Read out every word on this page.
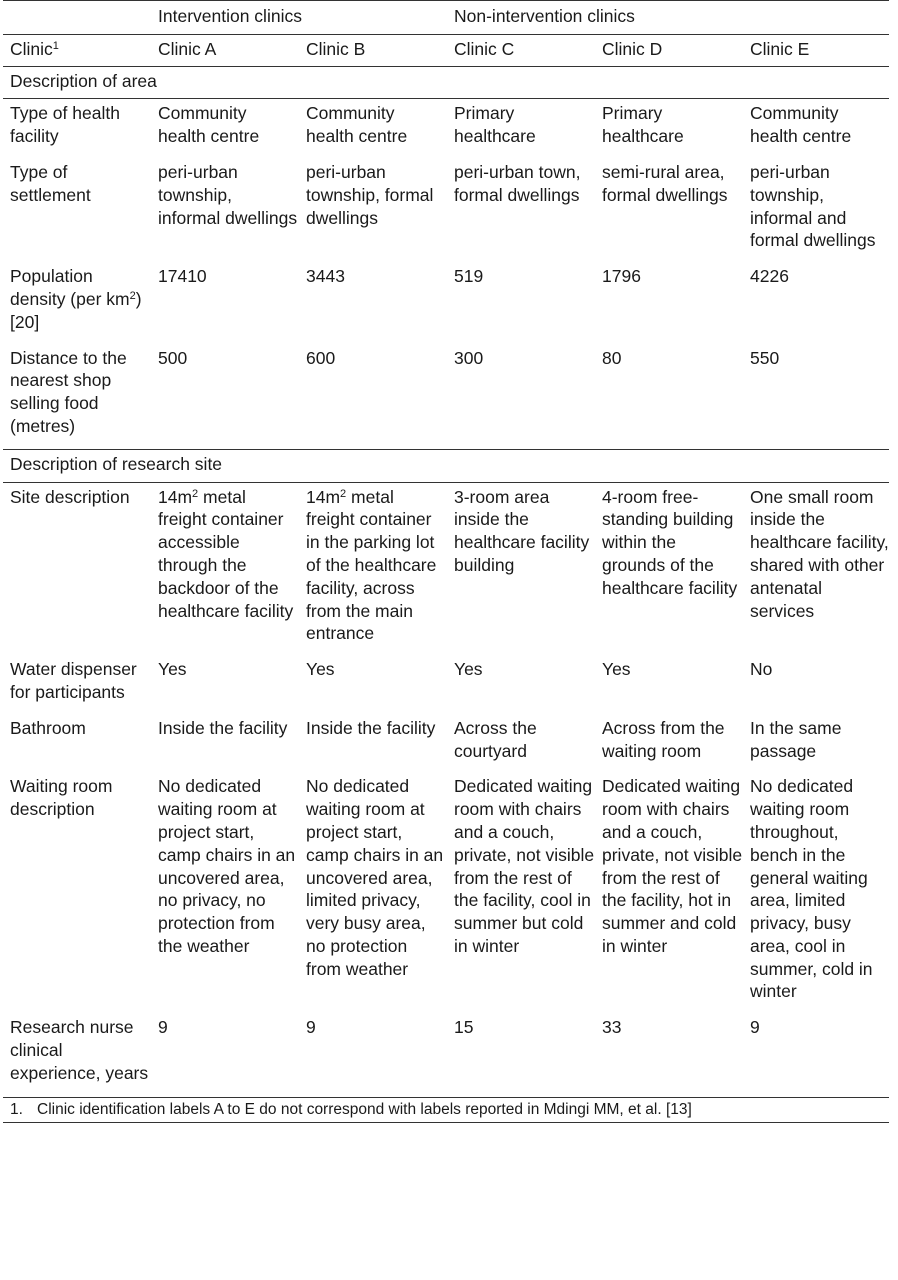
	Intervention clinics		Non-intervention clinics		
Clinic$^1$	Clinic A	Clinic B	Clinic C	Clinic D	Clinic E
Description of area					
Type of health facility	Community health centre	Community health centre	Primary healthcare	Primary healthcare	Community health centre
Type of settlement	peri-urban township, informal dwellings	peri-urban township, formal dwellings	peri-urban town, formal dwellings	semi-rural area, formal dwellings	peri-urban township, informal and formal dwellings
Population density (per $km^2$) [20]	17410	3443	519	1796	4226
Distance to the nearest shop selling food (metres)	500	600	300	80	550
Description of research site					
Site description	$14m^2$ metal freight container accessible through the backdoor of the healthcare facility	$14m^2$ metal freight container in the parking lot of the healthcare facility, across from the main entrance	3-room area inside the healthcare facility building	4-room free-standing building within the grounds of the healthcare facility	One small room inside the healthcare facility, shared with other antenatal services
Water dispenser for participants	Yes	Yes	Yes	Yes	No
Bathroom	Inside the facility	Inside the facility	Across the courtyard	Across from the waiting room	In the same passage
Waiting room description	No dedicated waiting room at project start, camp chairs in an uncovered area, no privacy, no protection from the weather	No dedicated waiting room at project start, camp chairs in an uncovered area, limited privacy, very busy area, no protection from weather	Dedicated waiting room with chairs and a couch, private, not visible from the rest of the facility, cool in summer but cold in winter	Dedicated waiting room with chairs and a couch, private, not visible from the rest of the facility, hot in summer and cold in winter	No dedicated waiting room throughout, bench in the general waiting area, limited privacy, busy area, cool in summer, cold in winter
Research nurse clinical experience, years	9	9	15	33	9
1. Clinic identification labels A to E do not correspond with labels reported in Mdingi MM, et al. [13]
